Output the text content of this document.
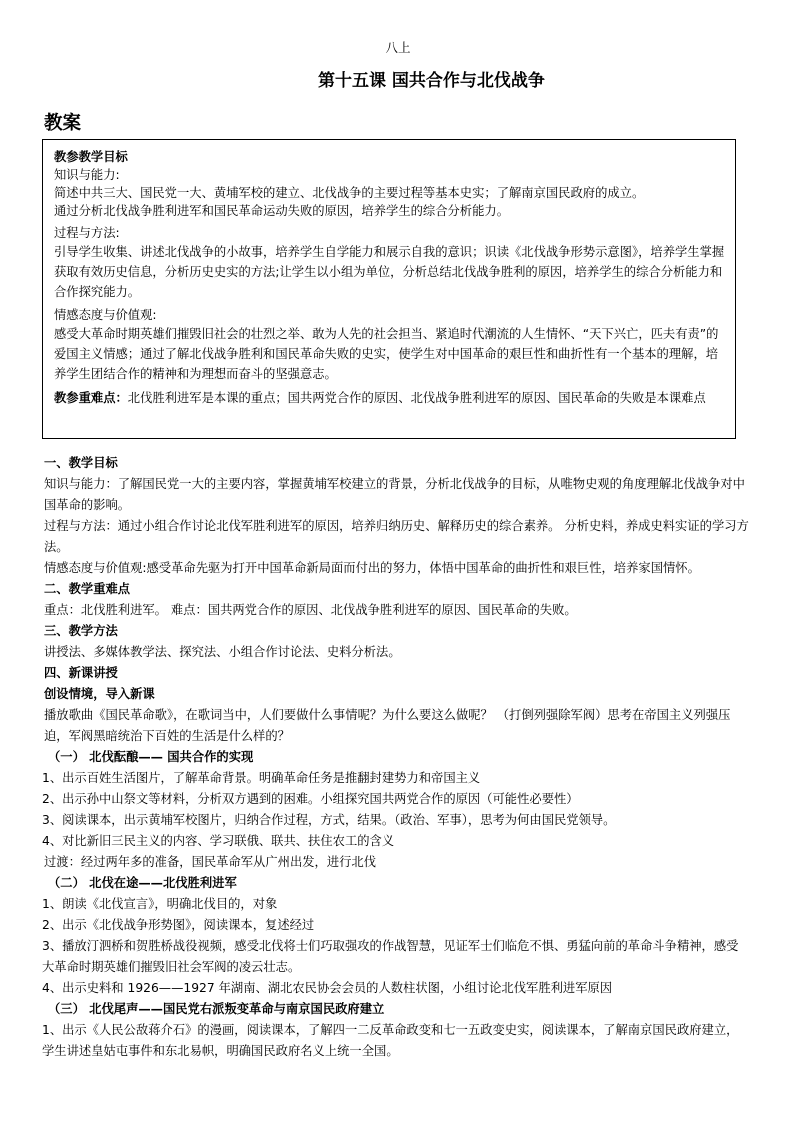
八上
第十五课 国共合作与北伐战争
教案

教参教学目标

知识与能力:

简述中共三大、国民党一大、黄埔军校的建立、北伐战争的主要过程等基本史实；了解南京国民政府的成立。

通过分析北伐战争胜利进军和国民革命运动失败的原因，培养学生的综合分析能力。

过程与方法:

引导学生收集、讲述北伐战争的小故事，培养学生自学能力和展示自我的意识；识读《北伐战争形势示意图》，培养学生掌握获取有效历史信息，分析历史史实的方法;让学生以小组为单位，分析总结北伐战争胜利的原因，培养学生的综合分析能力和合作探究能力。

情感态度与价值观:

感受大革命时期英雄们摧毁旧社会的壮烈之举、敢为人先的社会担当、紧追时代潮流的人生情怀、“天下兴亡，匹夫有责”的爱国主义情感；通过了解北伐战争胜利和国民革命失败的史实，使学生对中国革命的艰巨性和曲折性有一个基本的理解，培养学生团结合作的精神和为理想而奋斗的坚强意志。

教参重难点：北伐胜利进军是本课的重点；国共两党合作的原因、北伐战争胜利进军的原因、国民革命的失败是本课难点

一、教学目标

知识与能力：了解国民党一大的主要内容，掌握黄埔军校建立的背景，分析北伐战争的目标，从唯物史观的角度理解北伐战争对中国革命的影响。

过程与方法：通过小组合作讨论北伐军胜利进军的原因，培养归纳历史、解释历史的综合素养。 分析史料，养成史料实证的学习方法。

情感态度与价值观:感受革命先驱为打开中国革命新局面而付出的努力，体悟中国革命的曲折性和艰巨性，培养家国情怀。

二、教学重难点

重点：北伐胜利进军。 难点：国共两党合作的原因、北伐战争胜利进军的原因、国民革命的失败。

三、教学方法

讲授法、多媒体教学法、探究法、小组合作讨论法、史料分析法。

四、新课讲授

创设情境，导入新课

播放歌曲《国民革命歌》，在歌词当中，人们要做什么事情呢？为什么要这么做呢？ （打倒列强除军阀）思考在帝国主义列强压迫，军阀黑暗统治下百姓的生活是什么样的？

（一） 北伐酝酿—— 国共合作的实现

1、出示百姓生活图片，了解革命背景。明确革命任务是推翻封建势力和帝国主义

2、出示孙中山祭文等材料，分析双方遇到的困难。小组探究国共两党合作的原因（可能性必要性）

3、阅读课本，出示黄埔军校图片，归纳合作过程，方式，结果。（政治、军事），思考为何由国民党领导。

4、对比新旧三民主义的内容、学习联俄、联共、扶住农工的含义

过渡：经过两年多的准备，国民革命军从广州出发，进行北伐

（二） 北伐在途——北伐胜利进军

1、朗读《北伐宣言》，明确北伐目的，对象

2、出示《北伐战争形势图》，阅读课本，复述经过

3、播放汀泗桥和贺胜桥战役视频，感受北伐将士们巧取强攻的作战智慧，见证军士们临危不惧、勇猛向前的革命斗争精神，感受大革命时期英雄们摧毁旧社会军阀的凌云壮志。

4、出示史料和 1926——1927 年湖南、湖北农民协会会员的人数柱状图，小组讨论北伐军胜利进军原因

（三） 北伐尾声——国民党右派叛变革命与南京国民政府建立

1、出示《人民公敌蒋介石》的漫画，阅读课本，了解四一二反革命政变和七一五政变史实，阅读课本，了解南京国民政府建立，学生讲述皇姑屯事件和东北易帜，明确国民政府名义上统一全国。
